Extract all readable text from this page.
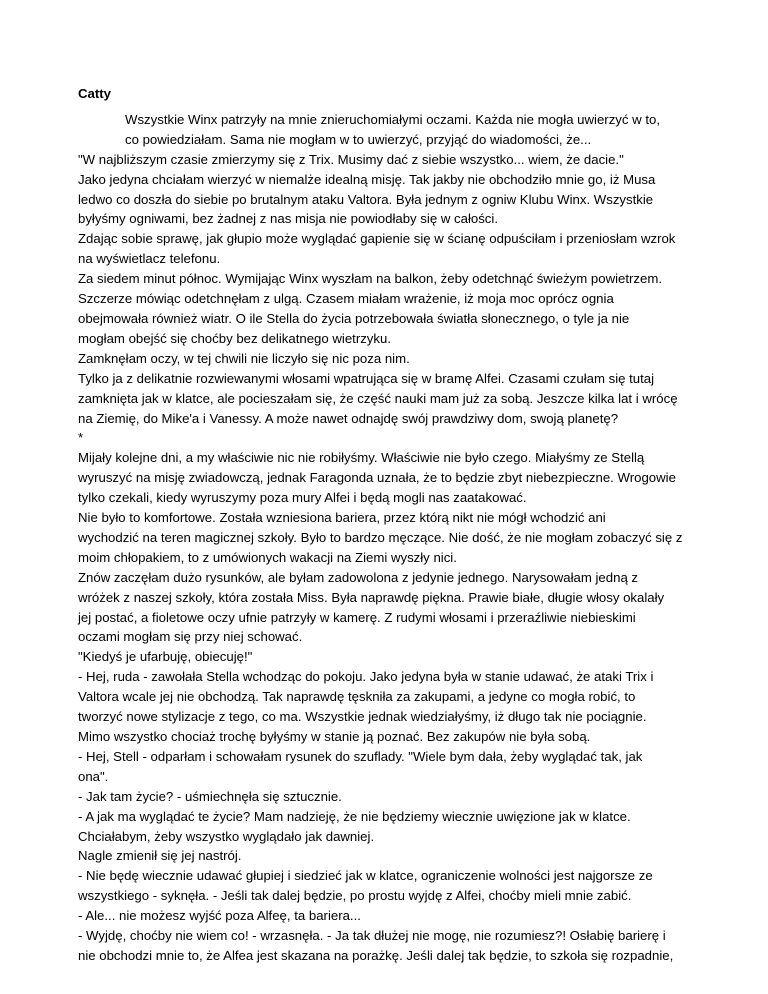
Catty

Wszystkie Winx patrzyły na mnie znieruchomiałymi oczami. Każda nie mogła uwierzyć w to,
co powiedziałam. Sama nie mogłam w to uwierzyć, przyjąć do wiadomości, że...

"W najbliższym czasie zmierzymy się z Trix. Musimy dać z siebie wszystko... wiem, że dacie."

Jako jedyna chciałam wierzyć w niemalże idealną misję. Tak jakby nie obchodziło mnie go, iż Musa
ledwo co doszła do siebie po brutalnym ataku Valtora. Była jednym z ogniw Klubu Winx. Wszystkie
byłyśmy ogniwami, bez żadnej z nas misja nie powiodłaby się w całości.

Zdając sobie sprawę, jak głupio może wyglądać gapienie się w ścianę odpuściłam i przeniosłam wzrok
na wyświetlacz telefonu.

Za siedem minut północ. Wymijając Winx wyszłam na balkon, żeby odetchnąć świeżym powietrzem.

Szczerze mówiąc odetchnęłam z ulgą. Czasem miałam wrażenie, iż moja moc oprócz ognia
obejmowała również wiatr. O ile Stella do życia potrzebowała światła słonecznego, o tyle ja nie
mogłam obejść się choćby bez delikatnego wietrzyku.

Zamknęłam oczy, w tej chwili nie liczyło się nic poza nim.

Tylko ja z delikatnie rozwiewanymi włosami wpatrująca się w bramę Alfei. Czasami czułam się tutaj
zamknięta jak w klatce, ale pocieszałam się, że część nauki mam już za sobą. Jeszcze kilka lat i wrócę
na Ziemię, do Mike'a i Vanessy. A może nawet odnajdę swój prawdziwy dom, swoją planetę?

*

Mijały kolejne dni, a my właściwie nic nie robiłyśmy. Właściwie nie było czego. Miałyśmy ze Stellą
wyruszyć na misję zwiadowczą, jednak Faragonda uznała, że to będzie zbyt niebezpieczne. Wrogowie
tylko czekali, kiedy wyruszymy poza mury Alfei i będą mogli nas zaatakować.

Nie było to komfortowe. Została wzniesiona bariera, przez którą nikt nie mógł wchodzić ani
wychodzić na teren magicznej szkoły. Było to bardzo męczące. Nie dość, że nie mogłam zobaczyć się z
moim chłopakiem, to z umówionych wakacji na Ziemi wyszły nici.

Znów zaczęłam dużo rysunków, ale byłam zadowolona z jedynie jednego. Narysowałam jedną z
wróżek z naszej szkoły, która została Miss. Była naprawdę piękna. Prawie białe, długie włosy okalały
jej postać, a fioletowe oczy ufnie patrzyły w kamerę. Z rudymi włosami i przeraźliwie niebieskimi
oczami mogłam się przy niej schować.

"Kiedyś je ufarbuję, obiecuję!"

- Hej, ruda - zawołała Stella wchodząc do pokoju. Jako jedyna była w stanie udawać, że ataki Trix i
Valtora wcale jej nie obchodzą. Tak naprawdę tęskniła za zakupami, a jedyne co mogła robić, to
tworzyć nowe stylizacje z tego, co ma. Wszystkie jednak wiedziałyśmy, iż długo tak nie pociągnie.
Mimo wszystko chociaż trochę byłyśmy w stanie ją poznać. Bez zakupów nie była sobą.

- Hej, Stell - odparłam i schowałam rysunek do szuflady. "Wiele bym dała, żeby wyglądać tak, jak
ona".

- Jak tam życie? - uśmiechnęła się sztucznie.

- A jak ma wyglądać te życie? Mam nadzieję, że nie będziemy wiecznie uwięzione jak w klatce.
Chciałabym, żeby wszystko wyglądało jak dawniej.

Nagle zmienił się jej nastrój.

- Nie będę wiecznie udawać głupiej i siedzieć jak w klatce, ograniczenie wolności jest najgorsze ze
wszystkiego - syknęła. - Jeśli tak dalej będzie, po prostu wyjdę z Alfei, choćby mieli mnie zabić.

- Ale... nie możesz wyjść poza Alfeę, ta bariera...

- Wyjdę, choćby nie wiem co! - wrzasnęła. - Ja tak dłużej nie mogę, nie rozumiesz?! Osłabię barierę i
nie obchodzi mnie to, że Alfea jest skazana na porażkę. Jeśli dalej tak będzie, to szkoła się rozpadnie,
